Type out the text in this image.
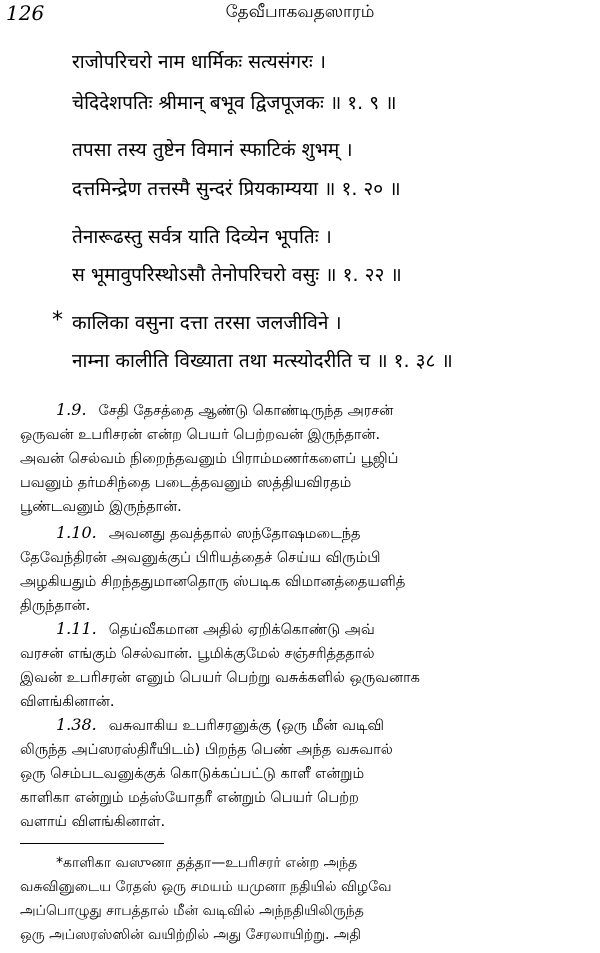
126	தேவீபாகவதஸாரம்
राजोपरिचरो नाम धार्मिकः सत्यसंगरः ।
चेदिदेशपतिः श्रीमान् बभूव द्विजपूजकः ॥ १. ९ ॥
तपसा तस्य तुष्टेन विमानं स्फाटिकं शुभम् ।
दत्तमिन्द्रेण तत्तस्मै सुन्दरं प्रियकाम्यया ॥ १. २० ॥
तेनारूढस्तु सर्वत्र याति दिव्येन भूपतिः ।
स भूमावुपरिस्थोऽसौ तेनोपरिचरो वसुः ॥ १. २२ ॥
* कालिका वसुना दत्ता तरसा जलजीविने ।
नाम्ना कालीति विख्याता तथा मत्स्योदरीति च ॥ १. ३८ ॥
1.9. சேதி தேசத்தை ஆண்டு கொண்டிருந்த அரசன்
ஒருவன் உபரிசரன் என்ற பெயர் பெற்றவன் இருந்தான்.
அவன் செல்வம் நிறைந்தவனும் பிராம்மணர்களைப் பூஜிப்
பவனும் தர்மசிந்தை படைத்தவனும் ஸத்தியவிரதம்
பூண்டவனும் இருந்தான்.
1.10. அவனது தவத்தால் ஸந்தோஷமடைந்த
தேவேந்திரன் அவனுக்குப் பிரியத்தைச் செய்ய விரும்பி
அழகியதும் சிறந்ததுமானதொரு ஸ்படிக விமானத்தையளித்
திருந்தான்.
1.11. தெய்வீகமான அதில் ஏறிக்கொண்டு அவ்
வரசன் எங்கும் செல்வான். பூமிக்குமேல் சஞ்சரித்ததால்
இவன் உபரிசரன் எனும் பெயர் பெற்று வசுக்களில் ஒருவனாக
விளங்கினான்.
1.38. வசுவாகிய உபரிசரனுக்கு (ஒரு மீன் வடிவி
லிருந்த அப்ஸரஸ்திரீயிடம்) பிறந்த பெண் அந்த வசுவால்
ஒரு செம்படவனுக்குக் கொடுக்கப்பட்டு காளீ என்றும்
காளிகா என்றும் மத்ஸ்யோதரீ என்றும் பெயர் பெற்ற
வளாய் விளங்கினாள்.
*காளிகா வஸுனா தத்தா—உபரிசரர் என்ற அந்த
வசுவினுடைய ரேதஸ் ஒரு சமயம் யமுனா நதியில் விழவே
அப்பொழுது சாபத்தால் மீன் வடிவில் அந்நதியிலிருந்த
ஒரு அப்ஸரஸ்ஸின் வயிற்றில் அது சேரலாயிற்று. அதி
